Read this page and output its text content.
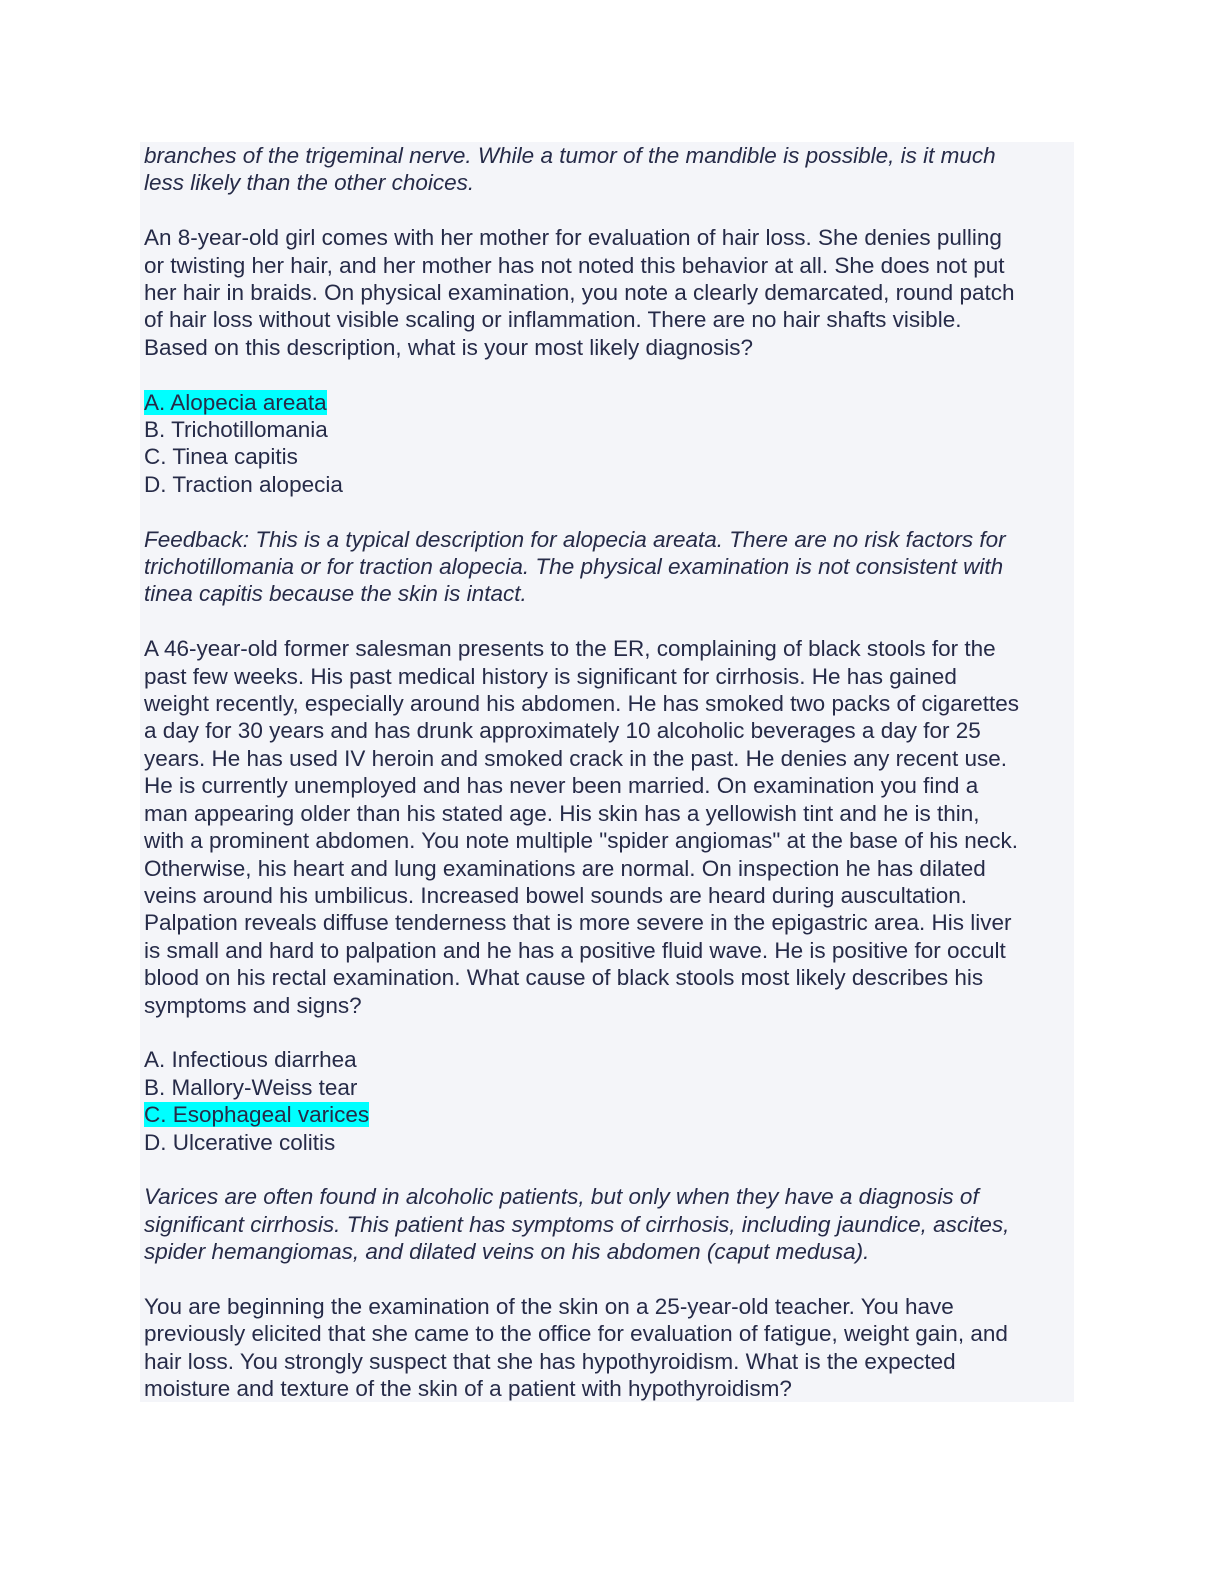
branches of the trigeminal nerve. While a tumor of the mandible is possible, is it much
less likely than the other choices.

An 8-year-old girl comes with her mother for evaluation of hair loss. She denies pulling
or twisting her hair, and her mother has not noted this behavior at all. She does not put
her hair in braids. On physical examination, you note a clearly demarcated, round patch
of hair loss without visible scaling or inflammation. There are no hair shafts visible.
Based on this description, what is your most likely diagnosis?

A. Alopecia areata
B. Trichotillomania
C. Tinea capitis
D. Traction alopecia

Feedback: This is a typical description for alopecia areata. There are no risk factors for
trichotillomania or for traction alopecia. The physical examination is not consistent with
tinea capitis because the skin is intact.

A 46-year-old former salesman presents to the ER, complaining of black stools for the
past few weeks. His past medical history is significant for cirrhosis. He has gained
weight recently, especially around his abdomen. He has smoked two packs of cigarettes
a day for 30 years and has drunk approximately 10 alcoholic beverages a day for 25
years. He has used IV heroin and smoked crack in the past. He denies any recent use.
He is currently unemployed and has never been married. On examination you find a
man appearing older than his stated age. His skin has a yellowish tint and he is thin,
with a prominent abdomen. You note multiple "spider angiomas" at the base of his neck.
Otherwise, his heart and lung examinations are normal. On inspection he has dilated
veins around his umbilicus. Increased bowel sounds are heard during auscultation.
Palpation reveals diffuse tenderness that is more severe in the epigastric area. His liver
is small and hard to palpation and he has a positive fluid wave. He is positive for occult
blood on his rectal examination. What cause of black stools most likely describes his
symptoms and signs?

A. Infectious diarrhea
B. Mallory-Weiss tear
C. Esophageal varices
D. Ulcerative colitis

Varices are often found in alcoholic patients, but only when they have a diagnosis of
significant cirrhosis. This patient has symptoms of cirrhosis, including jaundice, ascites,
spider hemangiomas, and dilated veins on his abdomen (caput medusa).

You are beginning the examination of the skin on a 25-year-old teacher. You have
previously elicited that she came to the office for evaluation of fatigue, weight gain, and
hair loss. You strongly suspect that she has hypothyroidism. What is the expected
moisture and texture of the skin of a patient with hypothyroidism?
